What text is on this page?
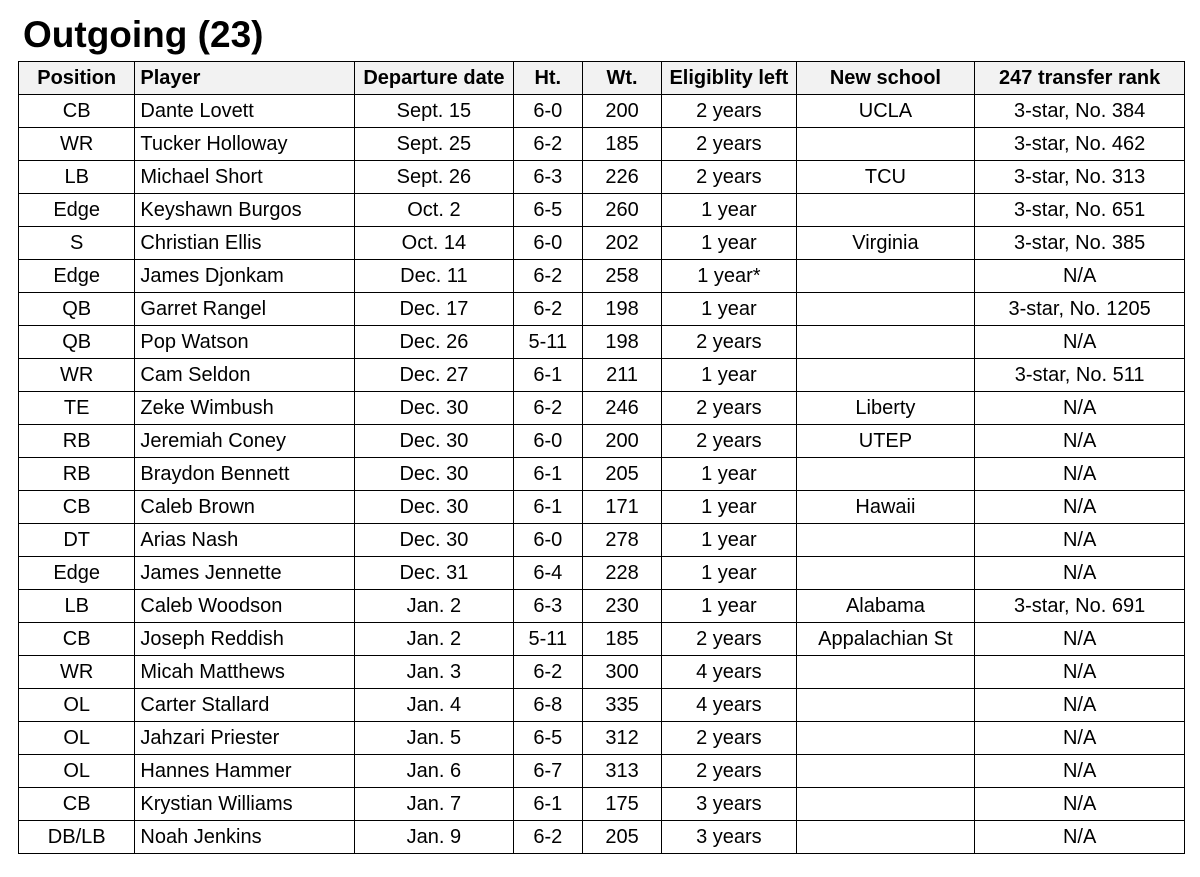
Outgoing (23)
Position	Player	Departure date	Ht.	Wt.	Eligiblity left	New school	247 transfer rank
CB	Dante Lovett	Sept. 15	6-0	200	2 years	UCLA	3-star, No. 384
WR	Tucker Holloway	Sept. 25	6-2	185	2 years		3-star, No. 462
LB	Michael Short	Sept. 26	6-3	226	2 years	TCU	3-star, No. 313
Edge	Keyshawn Burgos	Oct. 2	6-5	260	1 year		3-star, No. 651
S	Christian Ellis	Oct. 14	6-0	202	1 year	Virginia	3-star, No. 385
Edge	James Djonkam	Dec. 11	6-2	258	1 year*		N/A
QB	Garret Rangel	Dec. 17	6-2	198	1 year		3-star, No. 1205
QB	Pop Watson	Dec. 26	5-11	198	2 years		N/A
WR	Cam Seldon	Dec. 27	6-1	211	1 year		3-star, No. 511
TE	Zeke Wimbush	Dec. 30	6-2	246	2 years	Liberty	N/A
RB	Jeremiah Coney	Dec. 30	6-0	200	2 years	UTEP	N/A
RB	Braydon Bennett	Dec. 30	6-1	205	1 year		N/A
CB	Caleb Brown	Dec. 30	6-1	171	1 year	Hawaii	N/A
DT	Arias Nash	Dec. 30	6-0	278	1 year		N/A
Edge	James Jennette	Dec. 31	6-4	228	1 year		N/A
LB	Caleb Woodson	Jan. 2	6-3	230	1 year	Alabama	3-star, No. 691
CB	Joseph Reddish	Jan. 2	5-11	185	2 years	Appalachian St	N/A
WR	Micah Matthews	Jan. 3	6-2	300	4 years		N/A
OL	Carter Stallard	Jan. 4	6-8	335	4 years		N/A
OL	Jahzari Priester	Jan. 5	6-5	312	2 years		N/A
OL	Hannes Hammer	Jan. 6	6-7	313	2 years		N/A
CB	Krystian Williams	Jan. 7	6-1	175	3 years		N/A
DB/LB	Noah Jenkins	Jan. 9	6-2	205	3 years		N/A
